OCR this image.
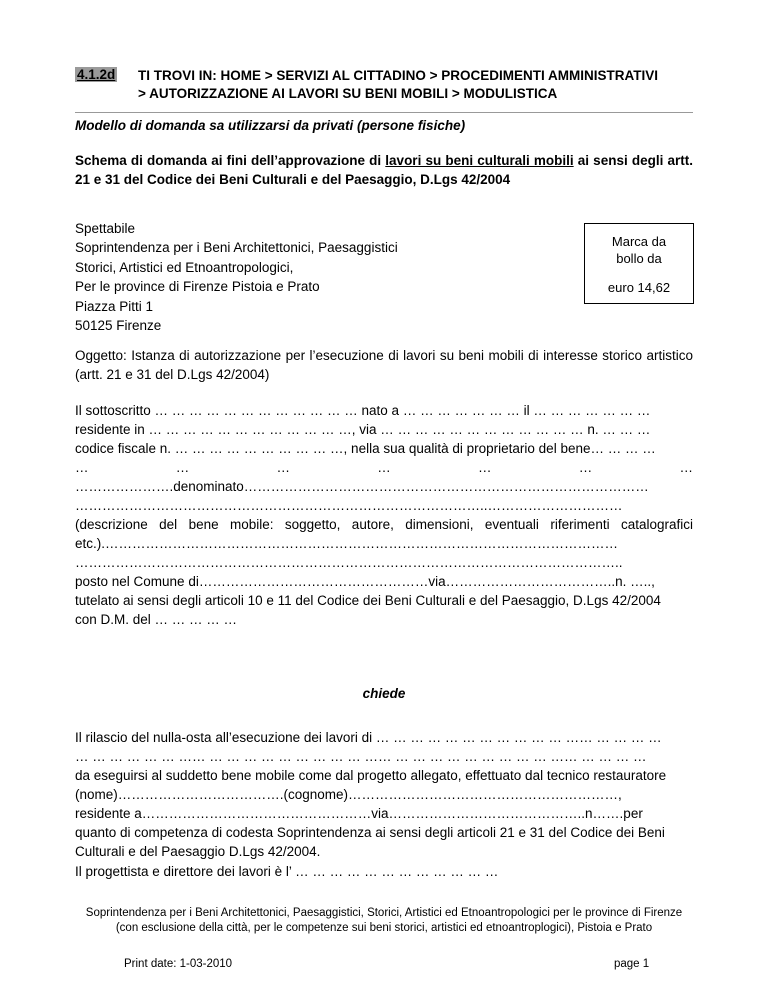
4.1.2d TI TROVI IN: HOME > SERVIZI AL CITTADINO > PROCEDIMENTI AMMINISTRATIVI
> AUTORIZZAZIONE AI LAVORI SU BENI MOBILI > MODULISTICA
Modello di domanda sa utilizzarsi da privati (persone fisiche)
Schema di domanda ai fini dell’approvazione di lavori su beni culturali mobili ai sensi degli artt. 21 e 31 del Codice dei Beni Culturali e del Paesaggio, D.Lgs 42/2004
Spettabile
Soprintendenza per i Beni Architettonici, Paesaggistici
Storici, Artistici ed Etnoantropologici,
Per le province di Firenze Pistoia e Prato
Piazza Pitti 1
50125 Firenze
Marca da
bollo da
euro 14,62
Oggetto: Istanza di autorizzazione per l’esecuzione di lavori su beni mobili di interesse storico artistico (artt. 21 e 31 del D.Lgs 42/2004)
Il sottoscritto … … … … … … … … … … … … nato a … … … … … … … il … … … … … … …
residente in … … … … … … … … … … … …, via … … … … … … … … … … … … n. … … …
codice fiscale n. … … … … … … … … … …, nella sua qualità di proprietario del bene… … … …
…	…	…	…	…	…	…
………………….denominato………………………………………………………………………………
………………………………………………………………………………..…………………………
(descrizione del bene mobile: soggetto, autore, dimensioni, eventuali riferimenti catalografici etc.).……………………………………………………………………………………………………
…………………………………………………………………………………………………………..
posto nel Comune di……………………………………………via………………………………..n. …..,
tutelato ai sensi degli articoli 10 e 11 del Codice dei Beni Culturali e del Paesaggio, D.Lgs 42/2004
con D.M. del … … … … …
chiede
Il rilascio del nulla-osta all’esecuzione dei lavori di … … … … … … … … … … … …… … … … …
… … … … … … …… … … … … … … … … … …… … … … … … … … … … …… … … … …
da eseguirsi al suddetto bene mobile come dal progetto allegato, effettuato dal tecnico restauratore
(nome)……………………………….(cognome)……………………………………………………,
residente a……………………………………………via……………………………………..n…….per
quanto di competenza di codesta Soprintendenza ai sensi degli articoli 21 e 31 del Codice dei Beni
Culturali e del Paesaggio D.Lgs 42/2004.
Il progettista e direttore dei lavori è l’ … … … … … … … … … … … …
Soprintendenza per i Beni Architettonici, Paesaggistici, Storici, Artistici ed Etnoantropologici per le province di Firenze
(con esclusione della città, per le competenze sui beni storici, artistici ed etnoantroplogici), Pistoia e Prato
Print date: 1-03-2010	page 1
